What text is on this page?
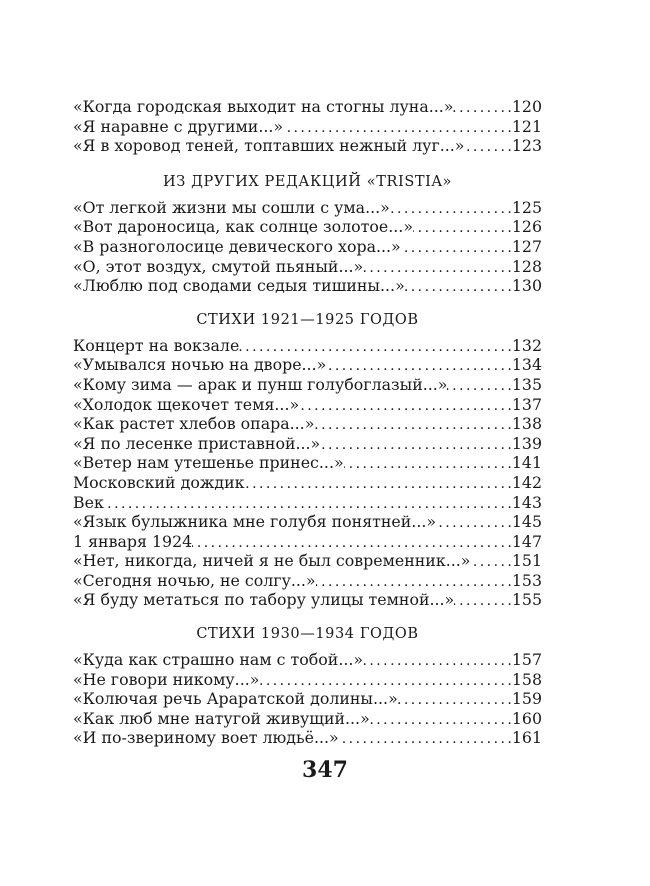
«Когда городская выходит на стогны луна...» . . .	120
«Я наравне с другими...» . . .	121
«Я в хоровод теней, топтавших нежный луг...» . . .	123
ИЗ ДРУГИХ РЕДАКЦИЙ «TRISTIA»
«От легкой жизни мы сошли с ума...» . . .	125
«Вот дароносица, как солнце золотое...» . . .	126
«В разноголосице девического хора...» . . .	127
«О, этот воздух, смутой пьяный...» . . .	128
«Люблю под сводами седыя тишины...» . . .	130
СТИХИ 1921—1925 ГОДОВ
Концерт на вокзале . . .	132
«Умывался ночью на дворе...» . . .	134
«Кому зима — арак и пунш голубоглазый...» . . .	135
«Холодок щекочет темя...» . . .	137
«Как растет хлебов опара...» . . .	138
«Я по лесенке приставной...» . . .	139
«Ветер нам утешенье принес...» . . .	141
Московский дождик . . .	142
Век . . .	143
«Язык булыжника мне голубя понятней...» . . .	145
1 января 1924 . . .	147
«Нет, никогда, ничей я не был современник...» . . .	151
«Сегодня ночью, не солгу...» . . .	153
«Я буду метаться по табору улицы темной...» . . .	155
СТИХИ 1930—1934 ГОДОВ
«Куда как страшно нам с тобой...» . . .	157
«Не говори никому...» . . .	158
«Колючая речь Араратской долины...» . . .	159
«Как люб мне натугой живущий...» . . .	160
«И по-звериному воет людьё...» . . .	161
347
